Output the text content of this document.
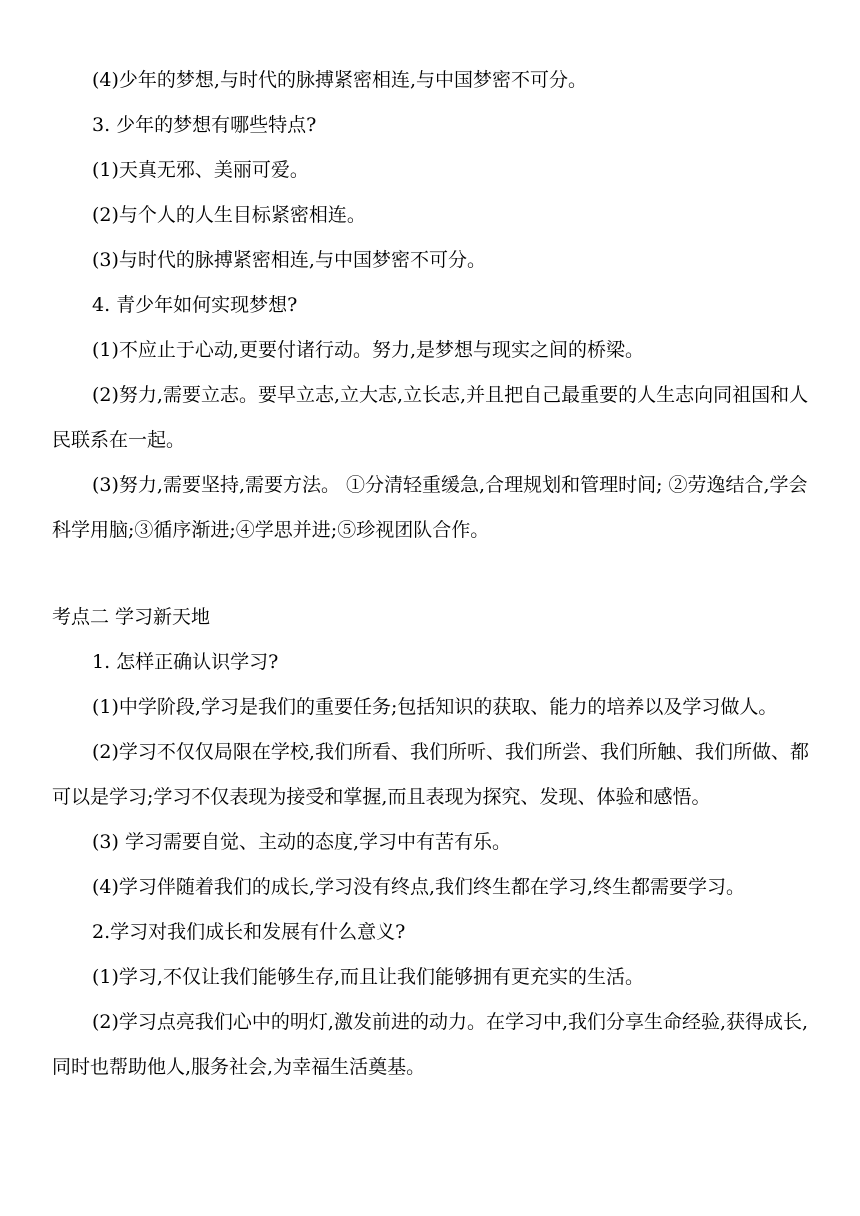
(4)少年的梦想,与时代的脉搏紧密相连,与中国梦密不可分。
3. 少年的梦想有哪些特点?
(1)天真无邪、美丽可爱。
(2)与个人的人生目标紧密相连。
(3)与时代的脉搏紧密相连,与中国梦密不可分。
4. 青少年如何实现梦想?
(1)不应止于心动,更要付诸行动。努力,是梦想与现实之间的桥梁。
(2)努力,需要立志。要早立志,立大志,立长志,并且把自己最重要的人生志向同祖国和人民联系在一起。
(3)努力,需要坚持,需要方法。 ①分清轻重缓急,合理规划和管理时间; ②劳逸结合,学会科学用脑;③循序渐进;④学思并进;⑤珍视团队合作。
考点二 学习新天地
1. 怎样正确认识学习?
(1)中学阶段,学习是我们的重要任务;包括知识的获取、能力的培养以及学习做人。
(2)学习不仅仅局限在学校,我们所看、我们所听、我们所尝、我们所触、我们所做、都可以是学习;学习不仅表现为接受和掌握,而且表现为探究、发现、体验和感悟。
(3) 学习需要自觉、主动的态度,学习中有苦有乐。
(4)学习伴随着我们的成长,学习没有终点,我们终生都在学习,终生都需要学习。
2.学习对我们成长和发展有什么意义?
(1)学习,不仅让我们能够生存,而且让我们能够拥有更充实的生活。
(2)学习点亮我们心中的明灯,激发前进的动力。在学习中,我们分享生命经验,获得成长,同时也帮助他人,服务社会,为幸福生活奠基。
